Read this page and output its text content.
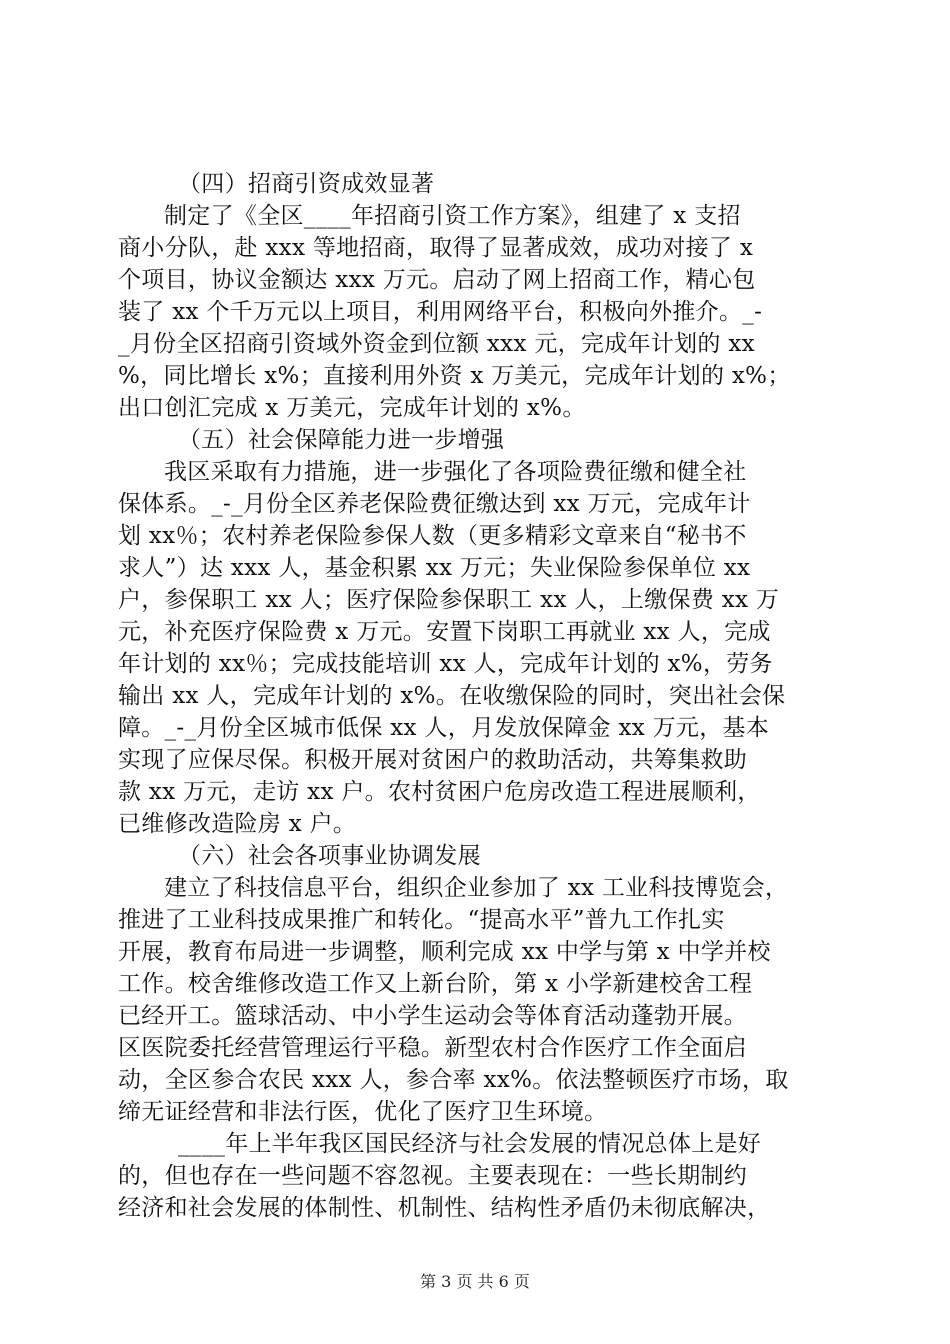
（四）招商引资成效显著
制定了《全区____年招商引资工作方案》，组建了 x 支招
商小分队，赴 xxx 等地招商，取得了显著成效，成功对接了 x
个项目，协议金额达 xxx 万元。启动了网上招商工作，精心包
装了 xx 个千万元以上项目，利用网络平台，积极向外推介。_-
_月份全区招商引资域外资金到位额 xxx 元，完成年计划的 xx
%，同比增长 x%；直接利用外资 x 万美元，完成年计划的 x%；
出口创汇完成 x 万美元，完成年计划的 x%。
（五）社会保障能力进一步增强
我区采取有力措施，进一步强化了各项险费征缴和健全社
保体系。_-_月份全区养老保险费征缴达到 xx 万元，完成年计
划 xx％；农村养老保险参保人数（更多精彩文章来自“秘书不
求人”）达 xxx 人，基金积累 xx 万元；失业保险参保单位 xx
户，参保职工 xx 人；医疗保险参保职工 xx 人，上缴保费 xx 万
元，补充医疗保险费 x 万元。安置下岗职工再就业 xx 人，完成
年计划的 xx％；完成技能培训 xx 人，完成年计划的 x%，劳务
输出 xx 人，完成年计划的 x%。在收缴保险的同时，突出社会保
障。_-_月份全区城市低保 xx 人，月发放保障金 xx 万元，基本
实现了应保尽保。积极开展对贫困户的救助活动，共筹集救助
款 xx 万元，走访 xx 户。农村贫困户危房改造工程进展顺利，
已维修改造险房 x 户。
（六）社会各项事业协调发展
建立了科技信息平台，组织企业参加了 xx 工业科技博览会，
推进了工业科技成果推广和转化。“提高水平”普九工作扎实
开展，教育布局进一步调整，顺利完成 xx 中学与第 x 中学并校
工作。校舍维修改造工作又上新台阶，第 x 小学新建校舍工程
已经开工。篮球活动、中小学生运动会等体育活动蓬勃开展。
区医院委托经营管理运行平稳。新型农村合作医疗工作全面启
动，全区参合农民 xxx 人，参合率 xx%。依法整顿医疗市场，取
缔无证经营和非法行医，优化了医疗卫生环境。
____年上半年我区国民经济与社会发展的情况总体上是好
的，但也存在一些问题不容忽视。主要表现在：一些长期制约
经济和社会发展的体制性、机制性、结构性矛盾仍未彻底解决，
第 3 页 共 6 页
